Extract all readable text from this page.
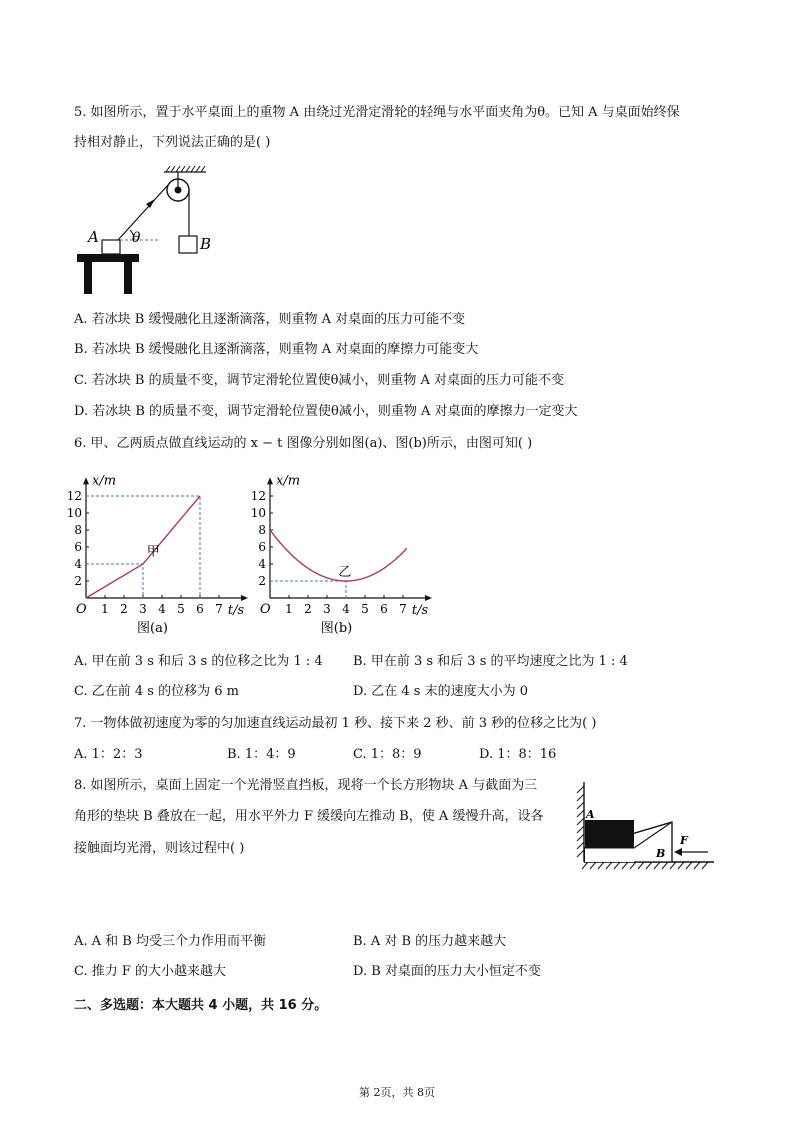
5. 如图所示，置于水平桌面上的重物 A 由绕过光滑定滑轮的轻绳与水平面夹角为θ。已知 A 与桌面始终保
持相对静止，下列说法正确的是( )
A θ	B
A. 若冰块 B 缓慢融化且逐渐滴落，则重物 A 对桌面的压力可能不变
B. 若冰块 B 缓慢融化且逐渐滴落，则重物 A 对桌面的摩擦力可能变大
C. 若冰块 B 的质量不变，调节定滑轮位置使θ减小，则重物 A 对桌面的压力可能不变
D. 若冰块 B 的质量不变，调节定滑轮位置使θ减小，则重物 A 对桌面的摩擦力一定变大
6. 甲、乙两质点做直线运动的 x − t 图像分别如图(a)、图(b)所示，由图可知( )
1 2 3 4 5 6 7
2
4
6
8
10
12
O
x/m
t/s
图(a)
甲
1 2 3 4 5 6 7
2
4
6
8
10
12
O
x/m
t/s
图(b)
乙
A. 甲在前 3 s 和后 3 s 的位移之比为 1 : 4 B. 甲在前 3 s 和后 3 s 的平均速度之比为 1 : 4
C. 乙在前 4 s 的位移为 6 m	D. 乙在 4 s 末的速度大小为 0
7. 一物体做初速度为零的匀加速直线运动最初 1 秒、接下来 2 秒、前 3 秒的位移之比为( )
A. 1：2：3	B. 1：4：9	C. 1：8：9	D. 1：8：16
8. 如图所示，桌面上固定一个光滑竖直挡板，现将一个长方形物块 A 与截面为三
角形的垫块 B 叠放在一起，用水平外力 F 缓缓向左推动 B，使 A 缓慢升高，设各
接触面均光滑，则该过程中( )
A
B
F
A. A 和 B 均受三个力作用而平衡	B. A 对 B 的压力越来越大
C. 推力 F 的大小越来越大	D. B 对桌面的压力大小恒定不变
二、多选题：本大题共 4 小题，共 16 分。
第 2页，共 8页
